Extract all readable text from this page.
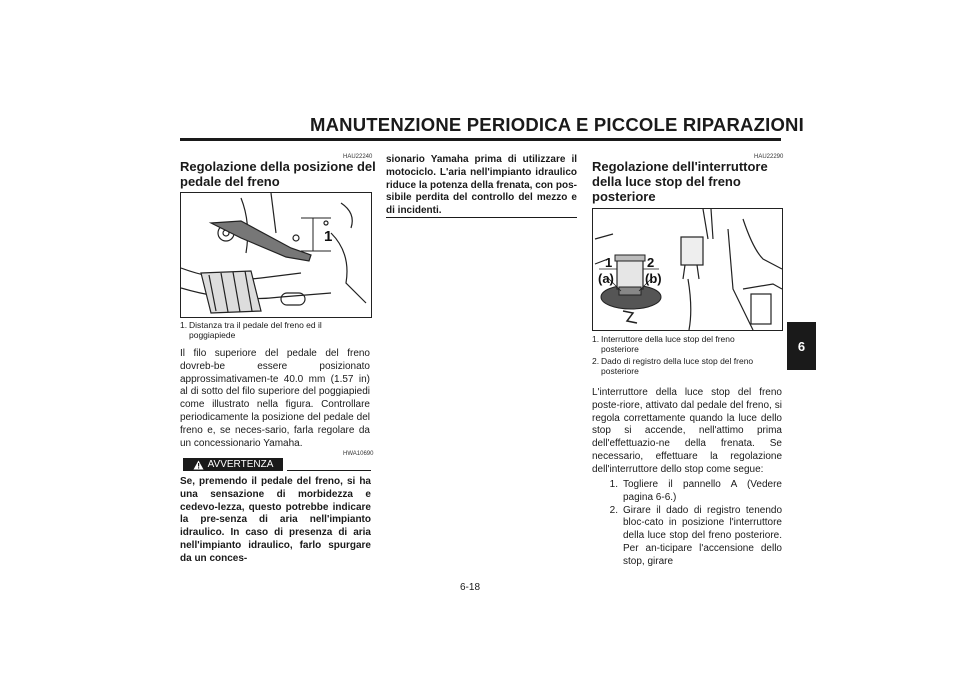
MANUTENZIONE PERIODICA E PICCOLE RIPARAZIONI
HAU22240
Regolazione della posizione del
pedale del freno
1
1. Distanza tra il pedale del freno ed il
poggiapiede
Il filo superiore del pedale del freno dovreb-be essere posizionato approssimativamen-te 40.0 mm (1.57 in) al di sotto del filo superiore del poggiapiedi come illustrato nella figura. Controllare periodicamente la posizione del pedale del freno e, se neces-sario, farla regolare da un concessionario Yamaha.
AVVERTENZA
HWA10690
Se, premendo il pedale del freno, si ha una sensazione di morbidezza e cedevo-lezza, questo potrebbe indicare la pre-senza di aria nell'impianto idraulico. In caso di presenza di aria nell'impianto idraulico, farlo spurgare da un conces-
sionario Yamaha prima di utilizzare il motociclo. L'aria nell'impianto idraulico riduce la potenza della frenata, con pos-sibile perdita del controllo del mezzo e di incidenti.
HAU22290
Regolazione dell'interruttore
della luce stop del freno
posteriore
1	2
(a) (b)
1. Interruttore della luce stop del freno
posteriore
2. Dado di registro della luce stop del freno
posteriore
L'interruttore della luce stop del freno poste-riore, attivato dal pedale del freno, si regola correttamente quando la luce dello stop si accende, nell'attimo prima dell'effettuazio-ne della frenata. Se necessario, effettuare la regolazione dell'interruttore dello stop come segue:
1. Togliere il pannello A (Vedere pagina 6-6.)
2. Girare il dado di registro tenendo bloc-cato in posizione l'interruttore della luce stop del freno posteriore. Per an-ticipare l'accensione dello stop, girare
6
6-18
